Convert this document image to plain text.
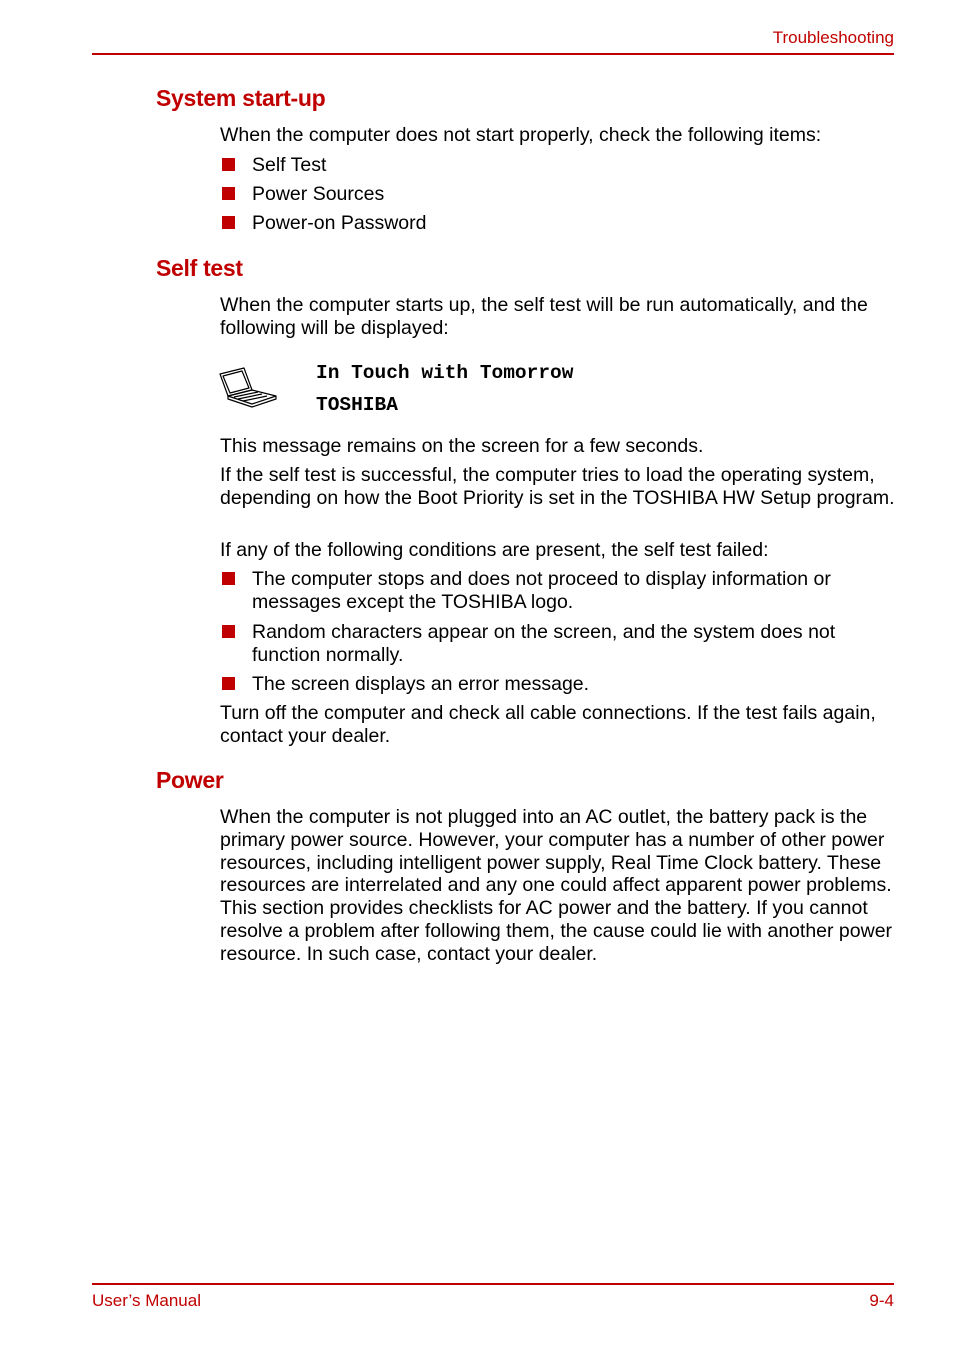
Troubleshooting
System start-up

When the computer does not start properly, check the following items:

Self Test
Power Sources
Power-on Password
Self test

When the computer starts up, the self test will be run automatically, and the following will be displayed:

In Touch with Tomorrow
TOSHIBA

This message remains on the screen for a few seconds.

If the self test is successful, the computer tries to load the operating system, depending on how the Boot Priority is set in the TOSHIBA HW Setup program.

If any of the following conditions are present, the self test failed:

The computer stops and does not proceed to display information or messages except the TOSHIBA logo.
Random characters appear on the screen, and the system does not function normally.
The screen displays an error message.

Turn off the computer and check all cable connections. If the test fails again, contact your dealer.

Power

When the computer is not plugged into an AC outlet, the battery pack is the primary power source. However, your computer has a number of other power resources, including intelligent power supply, Real Time Clock battery. These resources are interrelated and any one could affect apparent power problems. This section provides checklists for AC power and the battery. If you cannot resolve a problem after following them, the cause could lie with another power resource. In such case, contact your dealer.

User’s Manual	9-4
